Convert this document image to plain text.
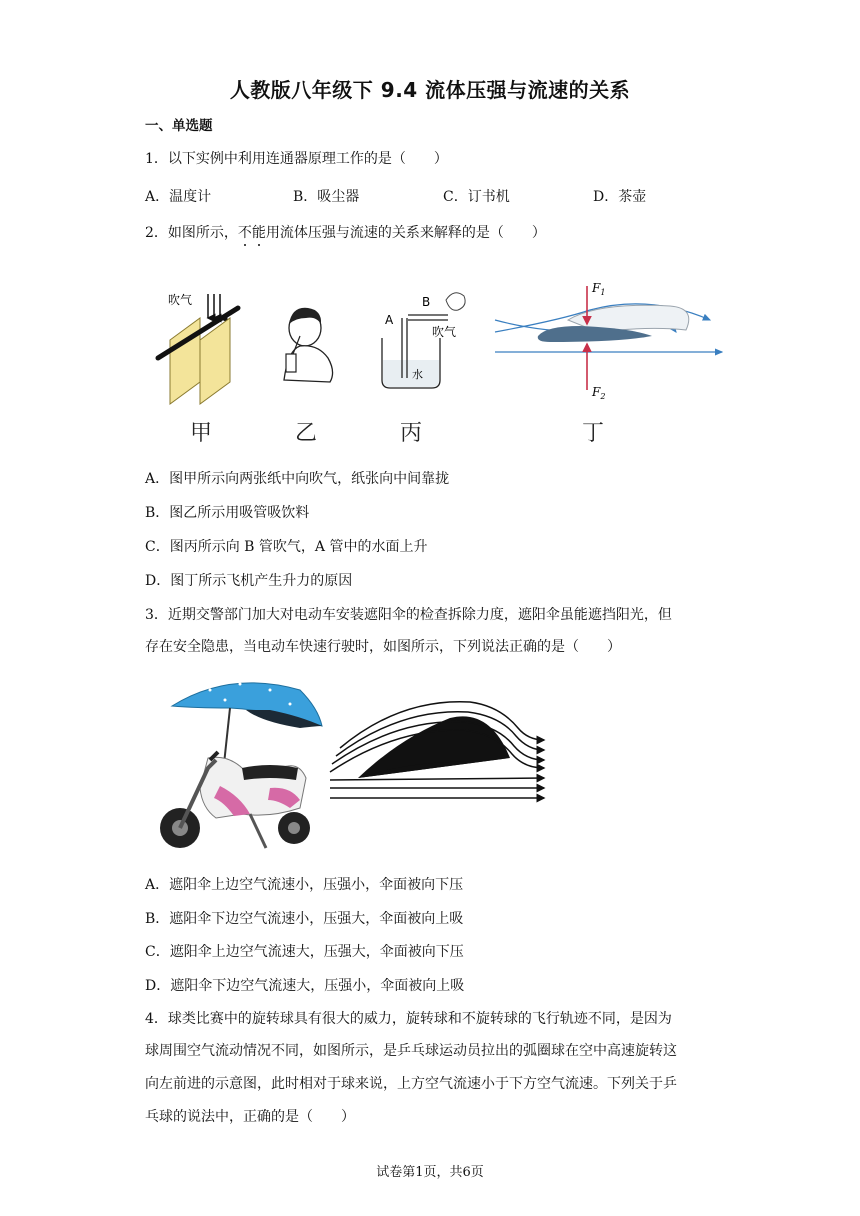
人教版八年级下 9.4 流体压强与流速的关系
一、单选题
1．以下实例中利用连通器原理工作的是（　　）
A．温度计	B．吸尘器	C．订书机	D．茶壶
2．如图所示，不能用流体压强与流速的关系来解释的是（　　）
吹气
甲	乙
A
B
吹气
水
丙
$F_1$
$F_2$
丁
A．图甲所示向两张纸中向吹气，纸张向中间靠拢
B．图乙所示用吸管吸饮料
C．图丙所示向 B 管吹气，A 管中的水面上升
D．图丁所示飞机产生升力的原因
3．近期交警部门加大对电动车安装遮阳伞的检查拆除力度，遮阳伞虽能遮挡阳光，但
存在安全隐患，当电动车快速行驶时，如图所示，下列说法正确的是（　　）
A．遮阳伞上边空气流速小，压强小，伞面被向下压
B．遮阳伞下边空气流速小，压强大，伞面被向上吸
C．遮阳伞上边空气流速大，压强大，伞面被向下压
D．遮阳伞下边空气流速大，压强小，伞面被向上吸
4．球类比赛中的旋转球具有很大的威力，旋转球和不旋转球的飞行轨迹不同，是因为
球周围空气流动情况不同，如图所示，是乒乓球运动员拉出的弧圈球在空中高速旋转这
向左前进的示意图，此时相对于球来说，上方空气流速小于下方空气流速。下列关于乒
乓球的说法中，正确的是（　　）
试卷第1页，共6页
